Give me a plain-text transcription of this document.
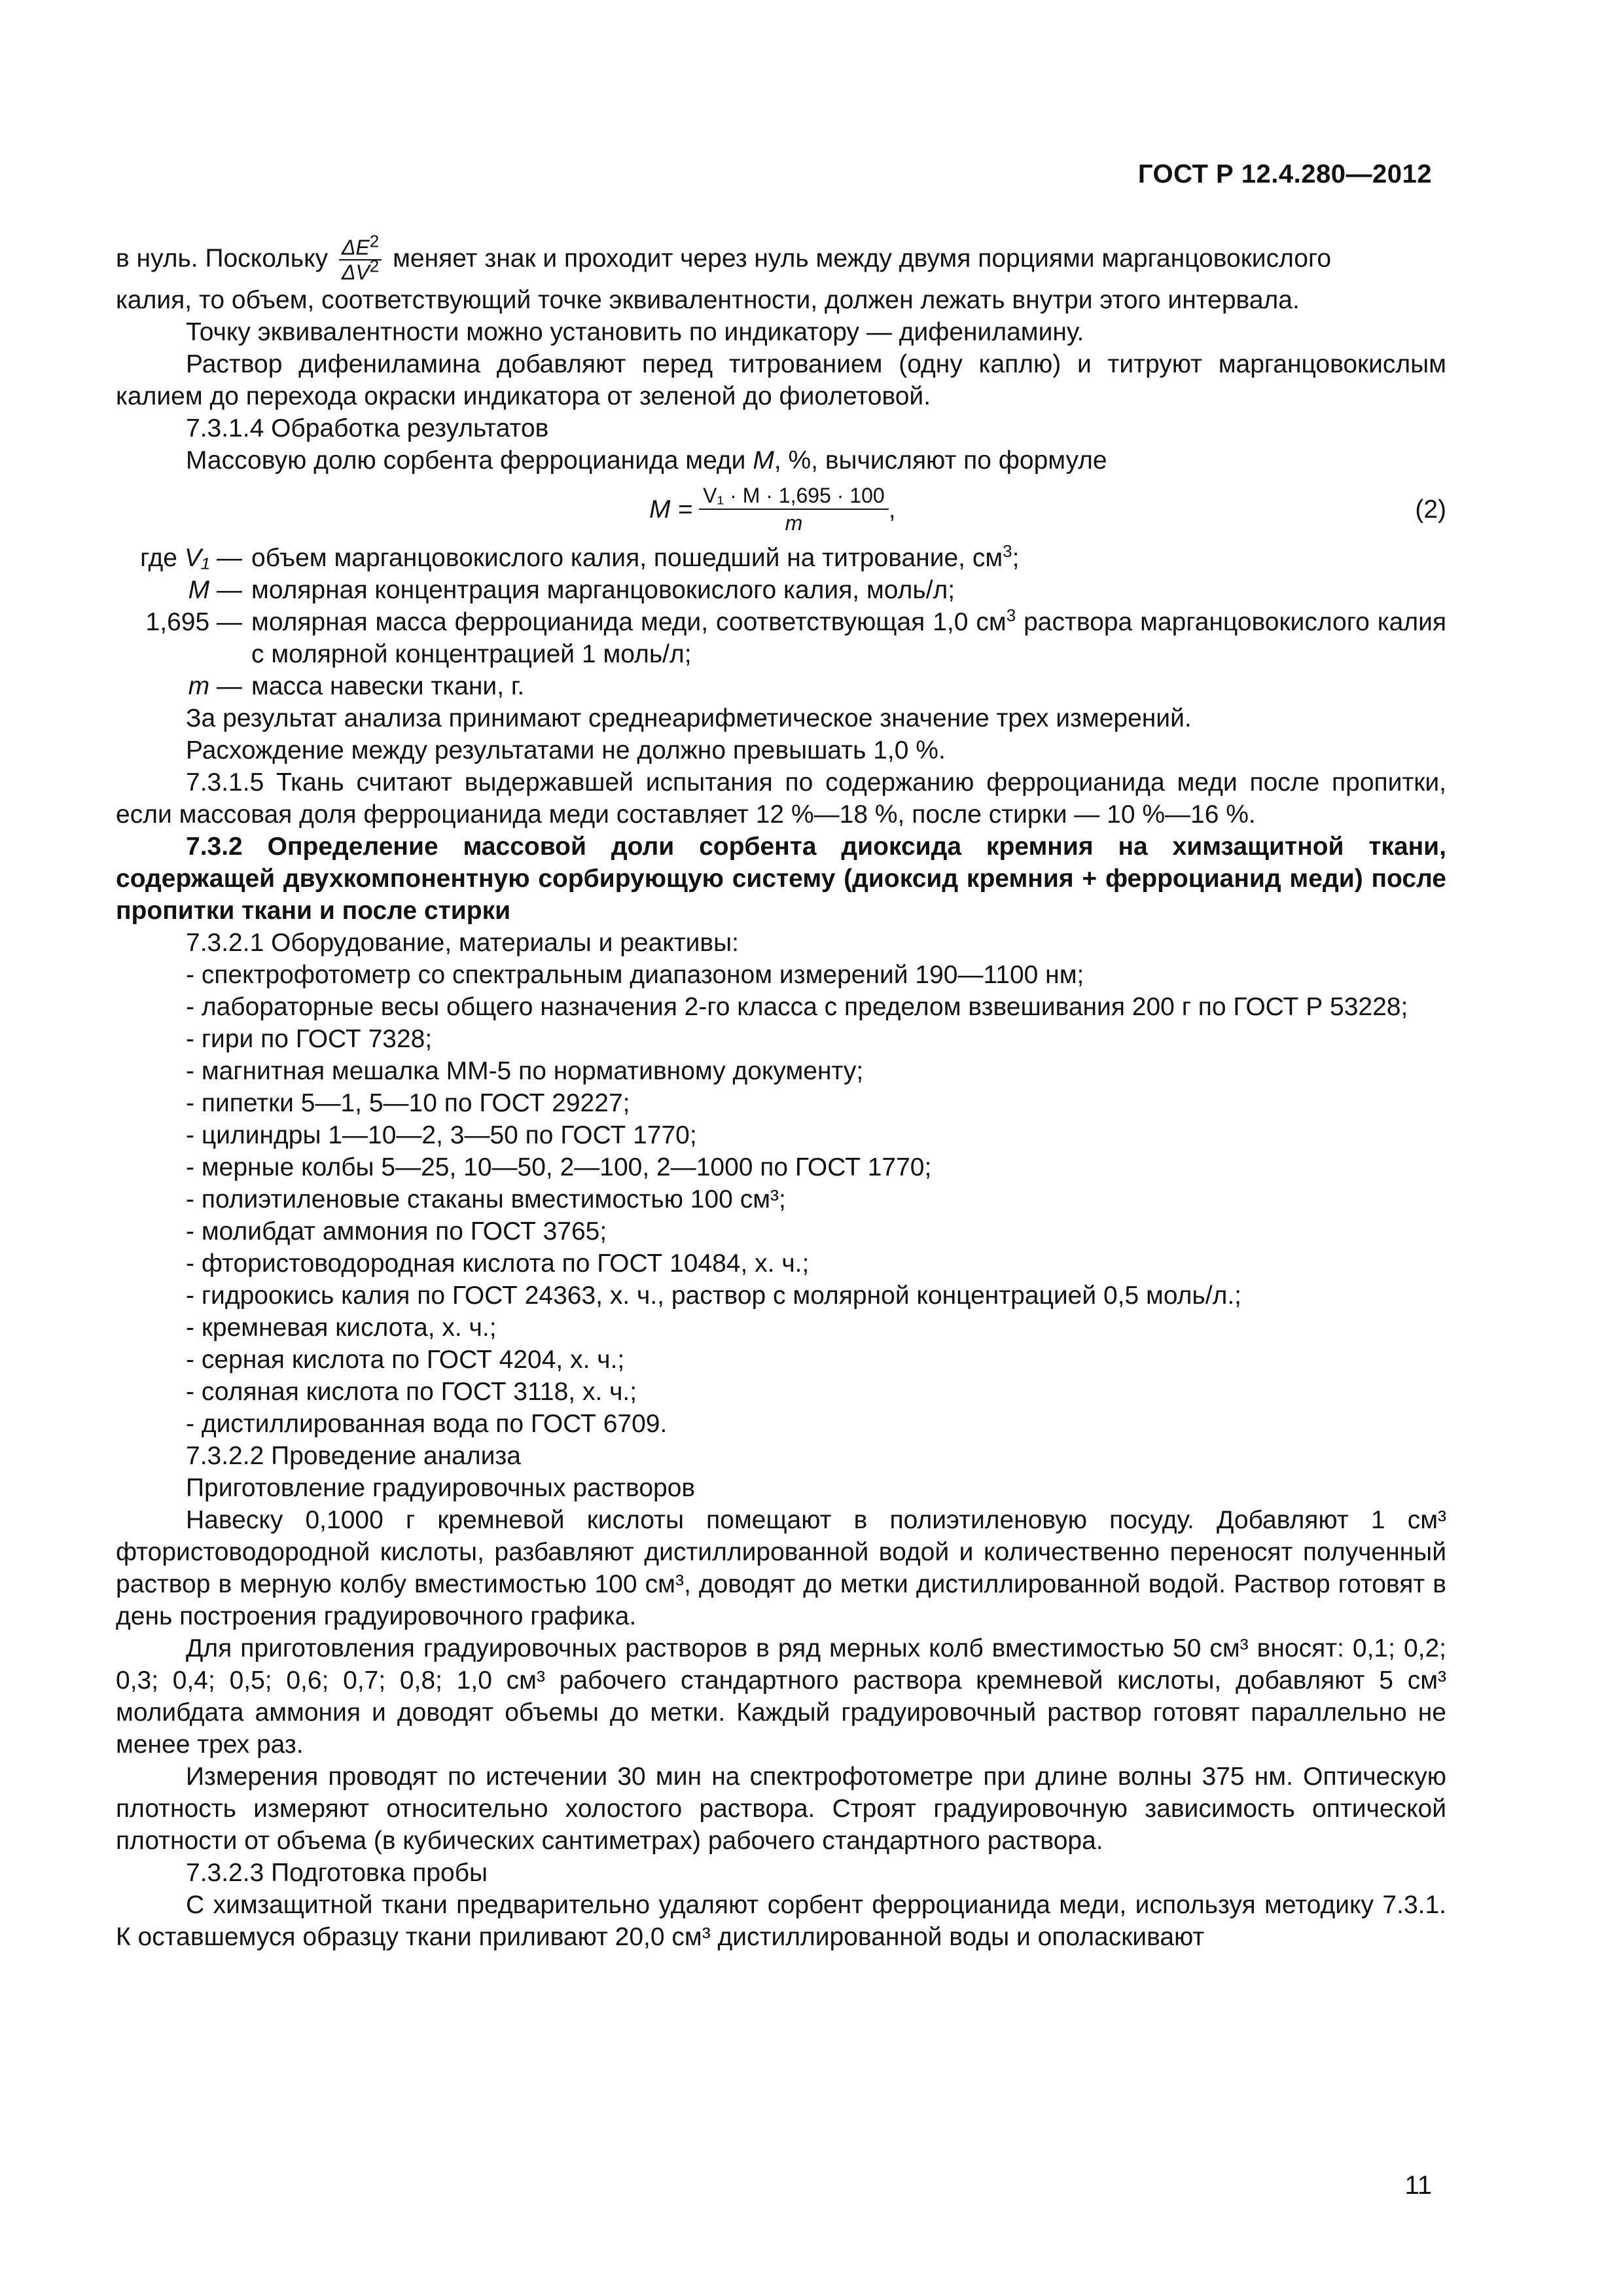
ГОСТ Р 12.4.280—2012

в нуль. Поскольку $\frac{\Delta E^2}{\Delta V^2}$ меняет знак и проходит через нуль между двумя порциями марганцовокислого

калия, то объем, соответствующий точке эквивалентности, должен лежать внутри этого интервала.

Точку эквивалентности можно установить по индикатору — дифениламину.

Раствор дифениламина добавляют перед титрованием (одну каплю) и титруют марганцовокислым калием до перехода окраски индикатора от зеленой до фиолетовой.

7.3.1.4 Обработка результатов

Массовую долю сорбента ферроцианида меди M, %, вычисляют по формуле

$M = \frac{\text{V₁ · M · 1,695 · 100}}{m}$ ,	(2)
где V₁ — объем марганцовокислого калия, пошедший на титрование, $см^3$;
M — молярная концентрация марганцовокислого калия, моль/л;
1,695 — молярная масса ферроцианида меди, соответствующая 1,0 $см^3$ раствора марганцовокислого калия с молярной концентрацией 1 моль/л;
m — масса навески ткани, г.

За результат анализа принимают среднеарифметическое значение трех измерений.

Расхождение между результатами не должно превышать 1,0 %.

7.3.1.5 Ткань считают выдержавшей испытания по содержанию ферроцианида меди после пропитки, если массовая доля ферроцианида меди составляет 12 %—18 %, после стирки — 10 %—16 %.

7.3.2 Определение массовой доли сорбента диоксида кремния на химзащитной ткани, содержащей двухкомпонентную сорбирующую систему (диоксид кремния + ферроцианид меди) после пропитки ткани и после стирки

7.3.2.1 Оборудование, материалы и реактивы:

- спектрофотометр со спектральным диапазоном измерений 190—1100 нм;

- лабораторные весы общего назначения 2-го класса с пределом взвешивания 200 г по ГОСТ Р 53228;

- гири по ГОСТ 7328;

- магнитная мешалка ММ-5 по нормативному документу;

- пипетки 5—1, 5—10 по ГОСТ 29227;

- цилиндры 1—10—2, 3—50 по ГОСТ 1770;

- мерные колбы 5—25, 10—50, 2—100, 2—1000 по ГОСТ 1770;

- полиэтиленовые стаканы вместимостью 100 см³;

- молибдат аммония по ГОСТ 3765;

- фтористоводородная кислота по ГОСТ 10484, х. ч.;

- гидроокись калия по ГОСТ 24363, х. ч., раствор с молярной концентрацией 0,5 моль/л.;

- кремневая кислота, х. ч.;

- серная кислота по ГОСТ 4204, х. ч.;

- соляная кислота по ГОСТ 3118, х. ч.;

- дистиллированная вода по ГОСТ 6709.

7.3.2.2 Проведение анализа

Приготовление градуировочных растворов

Навеску 0,1000 г кремневой кислоты помещают в полиэтиленовую посуду. Добавляют 1 см³ фтористоводородной кислоты, разбавляют дистиллированной водой и количественно переносят полученный раствор в мерную колбу вместимостью 100 см³, доводят до метки дистиллированной водой. Раствор готовят в день построения градуировочного графика.

Для приготовления градуировочных растворов в ряд мерных колб вместимостью 50 см³ вносят: 0,1; 0,2; 0,3; 0,4; 0,5; 0,6; 0,7; 0,8; 1,0 см³ рабочего стандартного раствора кремневой кислоты, добавляют 5 см³ молибдата аммония и доводят объемы до метки. Каждый градуировочный раствор готовят параллельно не менее трех раз.

Измерения проводят по истечении 30 мин на спектрофотометре при длине волны 375 нм. Оптическую плотность измеряют относительно холостого раствора. Строят градуировочную зависимость оптической плотности от объема (в кубических сантиметрах) рабочего стандартного раствора.

7.3.2.3 Подготовка пробы

С химзащитной ткани предварительно удаляют сорбент ферроцианида меди, используя методику 7.3.1. К оставшемуся образцу ткани приливают 20,0 см³ дистиллированной воды и ополаскивают

11
